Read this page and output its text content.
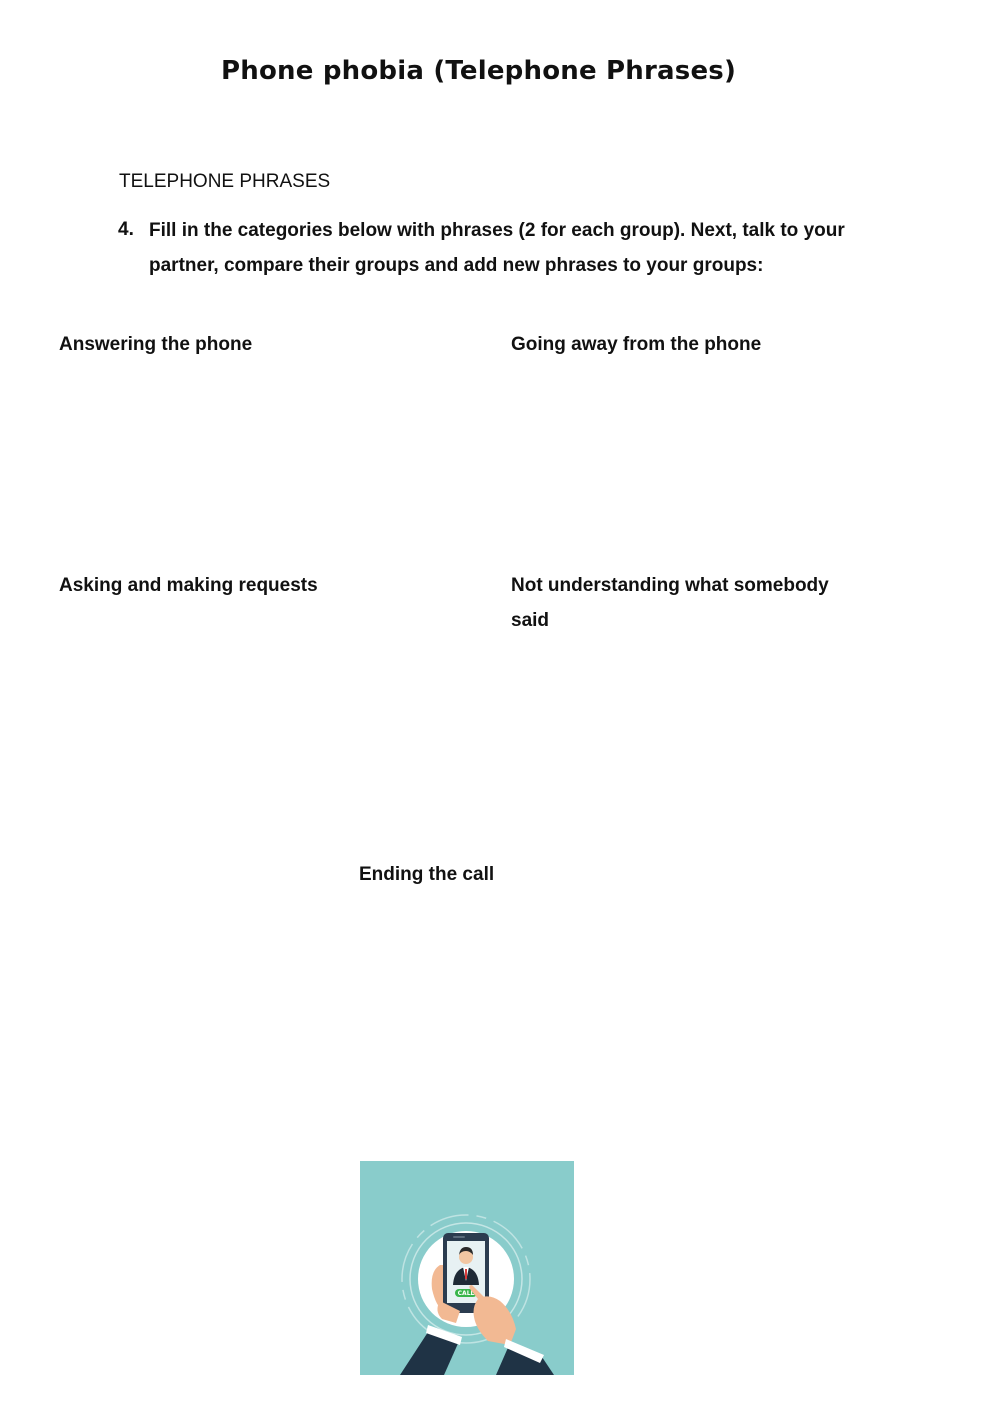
Phone phobia (Telephone Phrases)
TELEPHONE PHRASES
4. Fill in the categories below with phrases (2 for each group). Next, talk to your partner, compare their groups and add new phrases to your groups:
Answering the phone	Going away from the phone
Asking and making requests	Not understanding what somebody said
Ending the call
CALL
